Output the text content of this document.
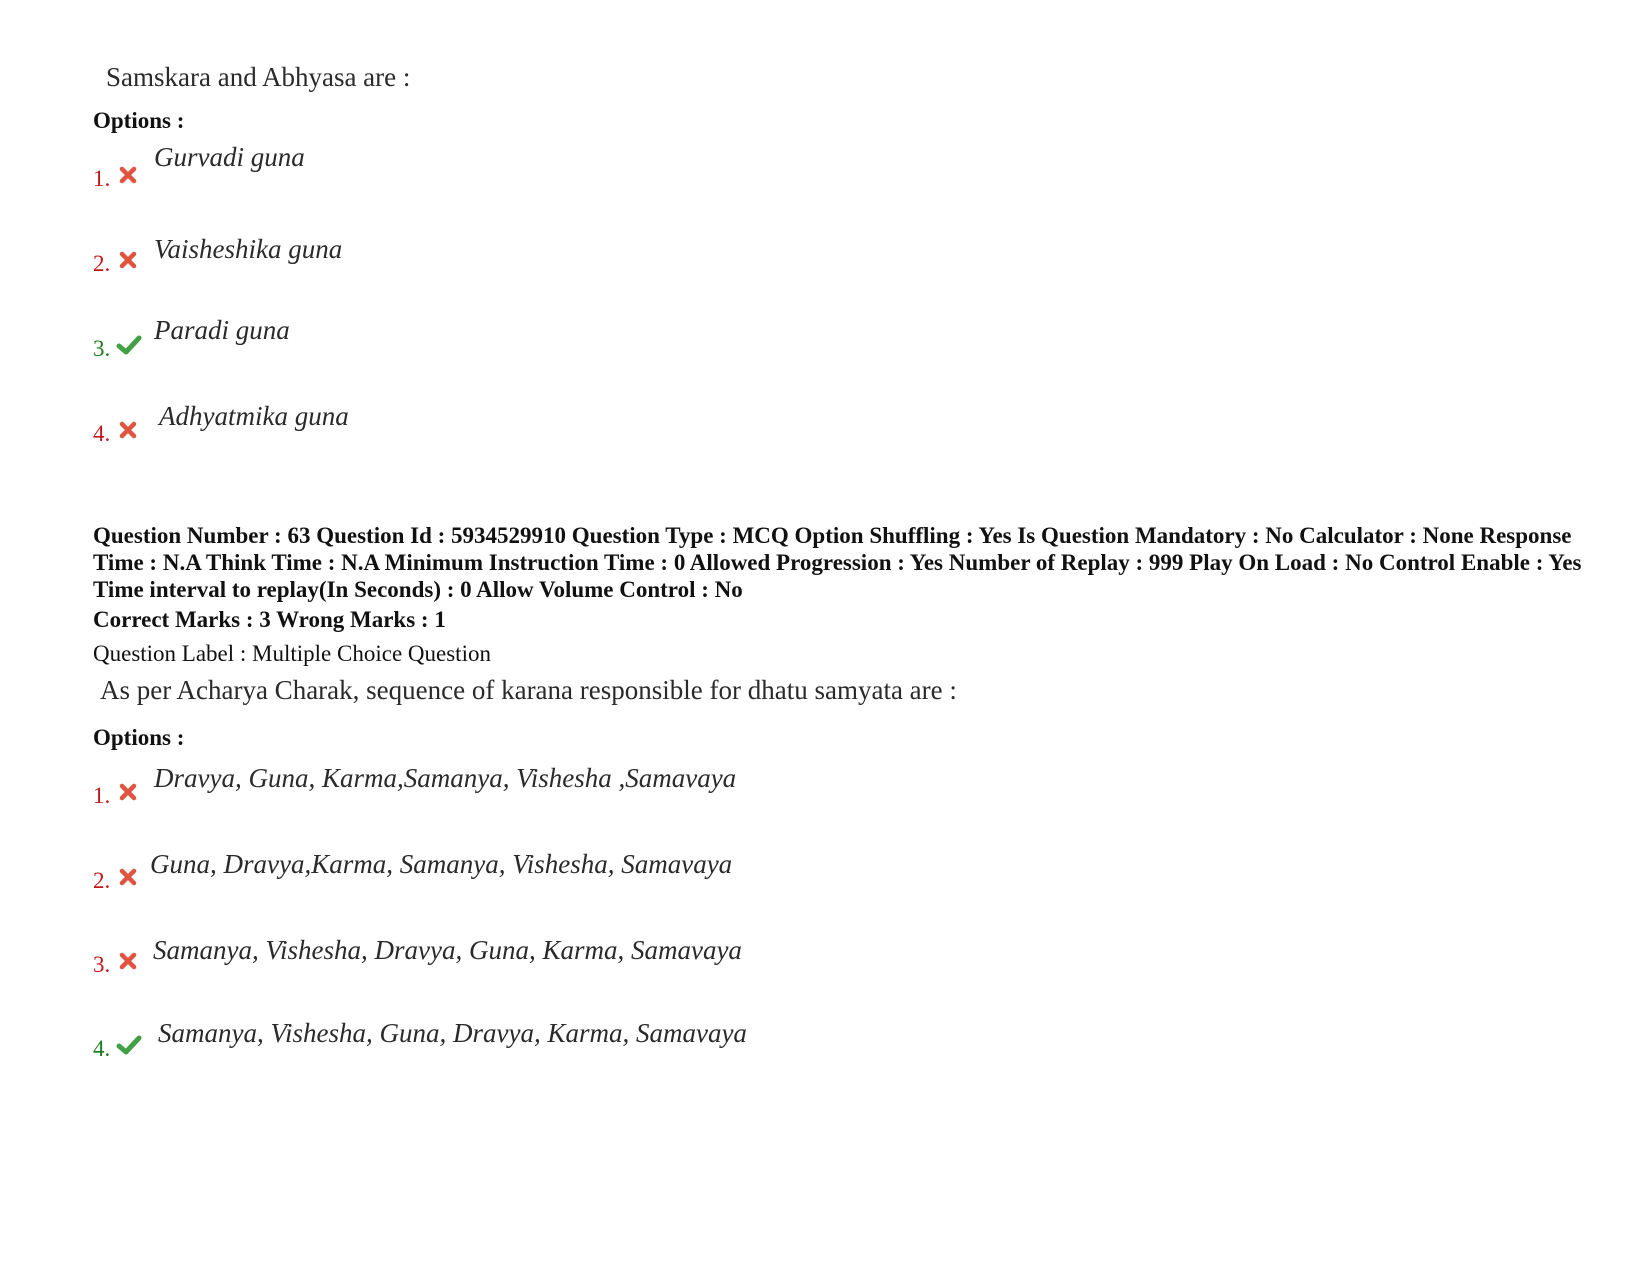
Samskara and Abhyasa are :
Options :
1.
Gurvadi guna
2. Vaisheshika guna
3.
Paradi guna
4.
Adhyatmika guna
Question Number : 63 Question Id : 5934529910 Question Type : MCQ Option Shuffling : Yes Is Question Mandatory : No Calculator : None Response Time : N.A Think Time : N.A Minimum Instruction Time : 0 Allowed Progression : Yes Number of Replay : 999 Play On Load : No Control Enable : Yes Time interval to replay(In Seconds) : 0 Allow Volume Control : No
Correct Marks : 3 Wrong Marks : 1
Question Label : Multiple Choice Question
As per Acharya Charak, sequence of karana responsible for dhatu samyata are :
Options :
1.
Dravya, Guna, Karma,Samanya, Vishesha ,Samavaya
2.
Guna, Dravya,Karma, Samanya, Vishesha, Samavaya
3. Samanya, Vishesha, Dravya, Guna, Karma, Samavaya
4.
Samanya, Vishesha, Guna, Dravya, Karma, Samavaya
